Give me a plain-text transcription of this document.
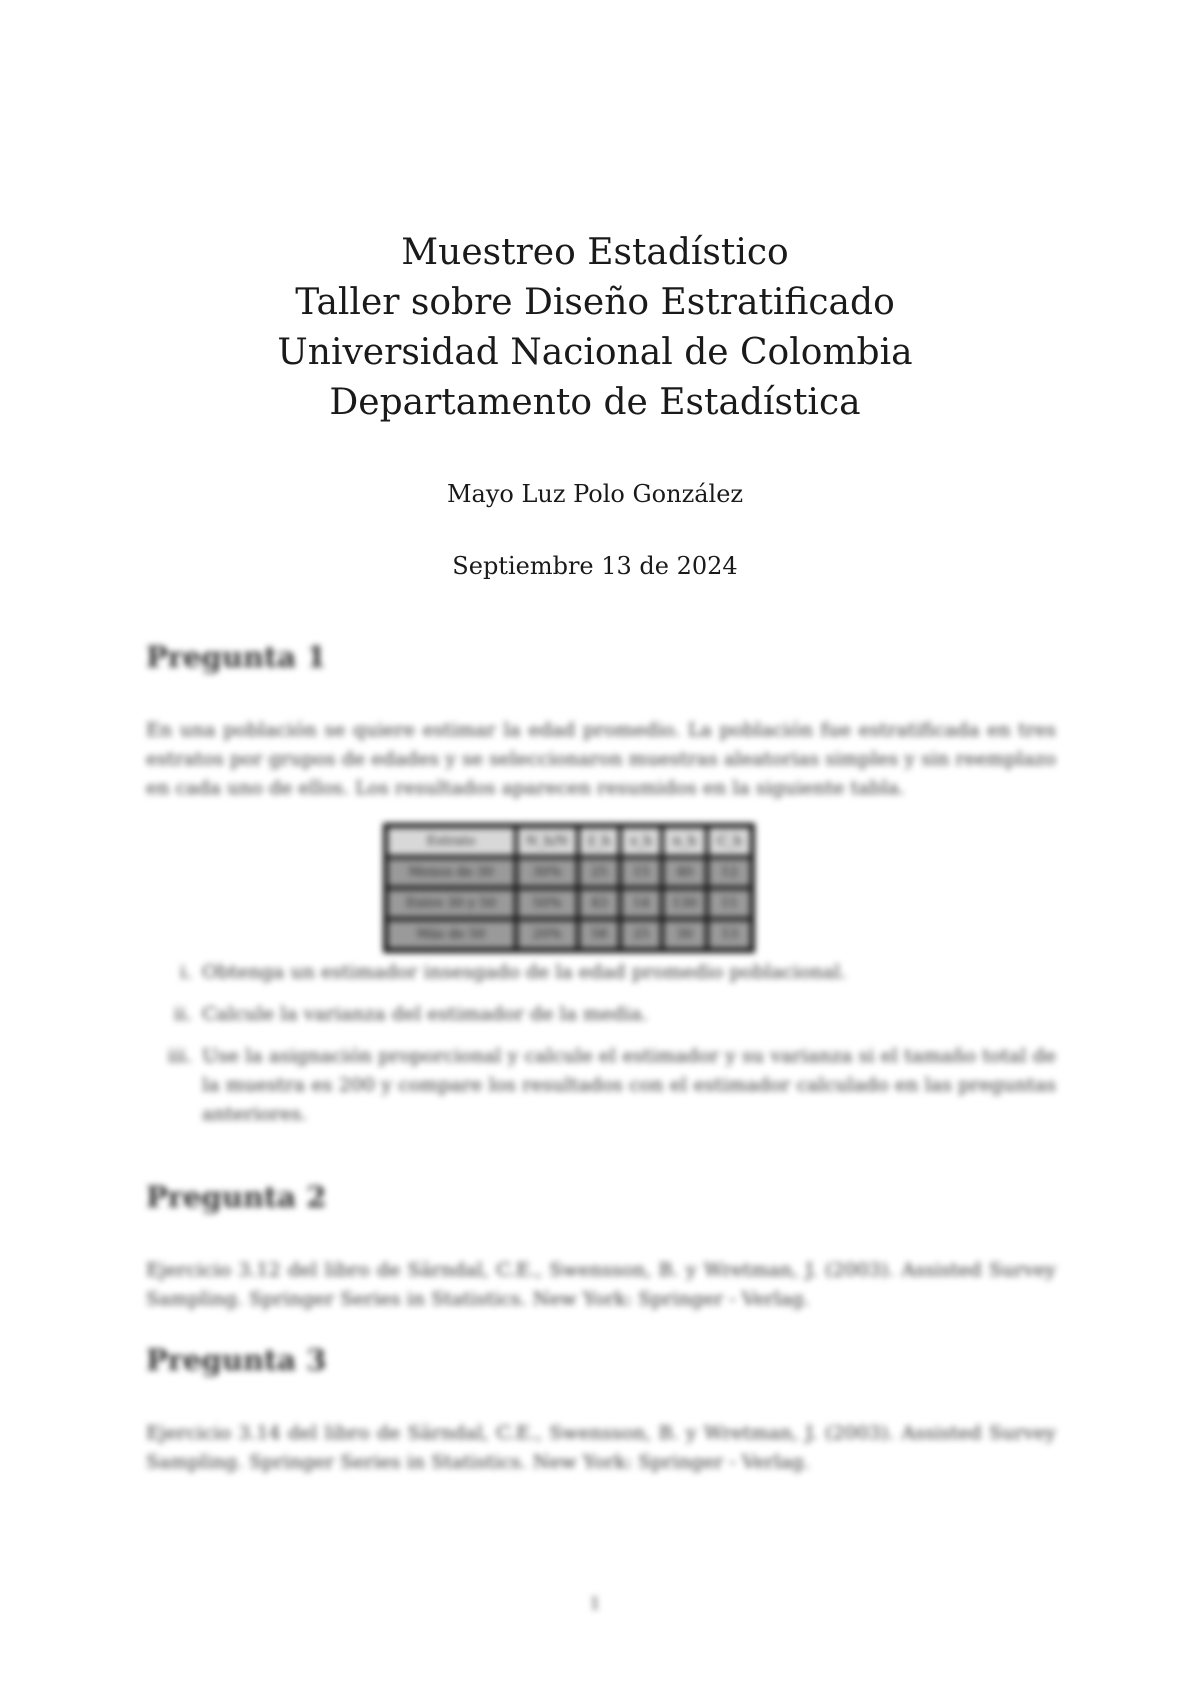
Muestreo Estadístico

Taller sobre Diseño Estratificado

Universidad Nacional de Colombia

Departamento de Estadística

Mayo Luz Polo González
Septiembre 13 de 2024
Pregunta 1

En una población se quiere estimar la edad promedio. La población fue estratificada en tres estratos por grupos de edades y se seleccionaron muestras aleatorias simples y sin reemplazo en cada uno de ellos. Los resultados aparecen resumidos en la siguiente tabla.

Estrato	N_h/N	ȳ_h	s_h	n_h	C_h
Menos de 30	30%	25	15	40	12
Entre 30 y 50	50%	43	14	130	11
Más de 50	20%	58	25	30	13
i. Obtenga un estimador insesgado de la edad promedio poblacional.
ii. Calcule la varianza del estimador de la media.
iii. Use la asignación proporcional y calcule el estimador y su varianza si el tamaño total de la muestra es 200 y compare los resultados con el estimador calculado en las preguntas anteriores.
Pregunta 2

Ejercicio 3.12 del libro de Särndal, C.E., Swensson, B. y Wretman, J. (2003). Assisted Survey Sampling. Springer Series in Statistics. New York: Springer - Verlag.

Pregunta 3

Ejercicio 3.14 del libro de Särndal, C.E., Swensson, B. y Wretman, J. (2003). Assisted Survey Sampling. Springer Series in Statistics. New York: Springer - Verlag.

1
